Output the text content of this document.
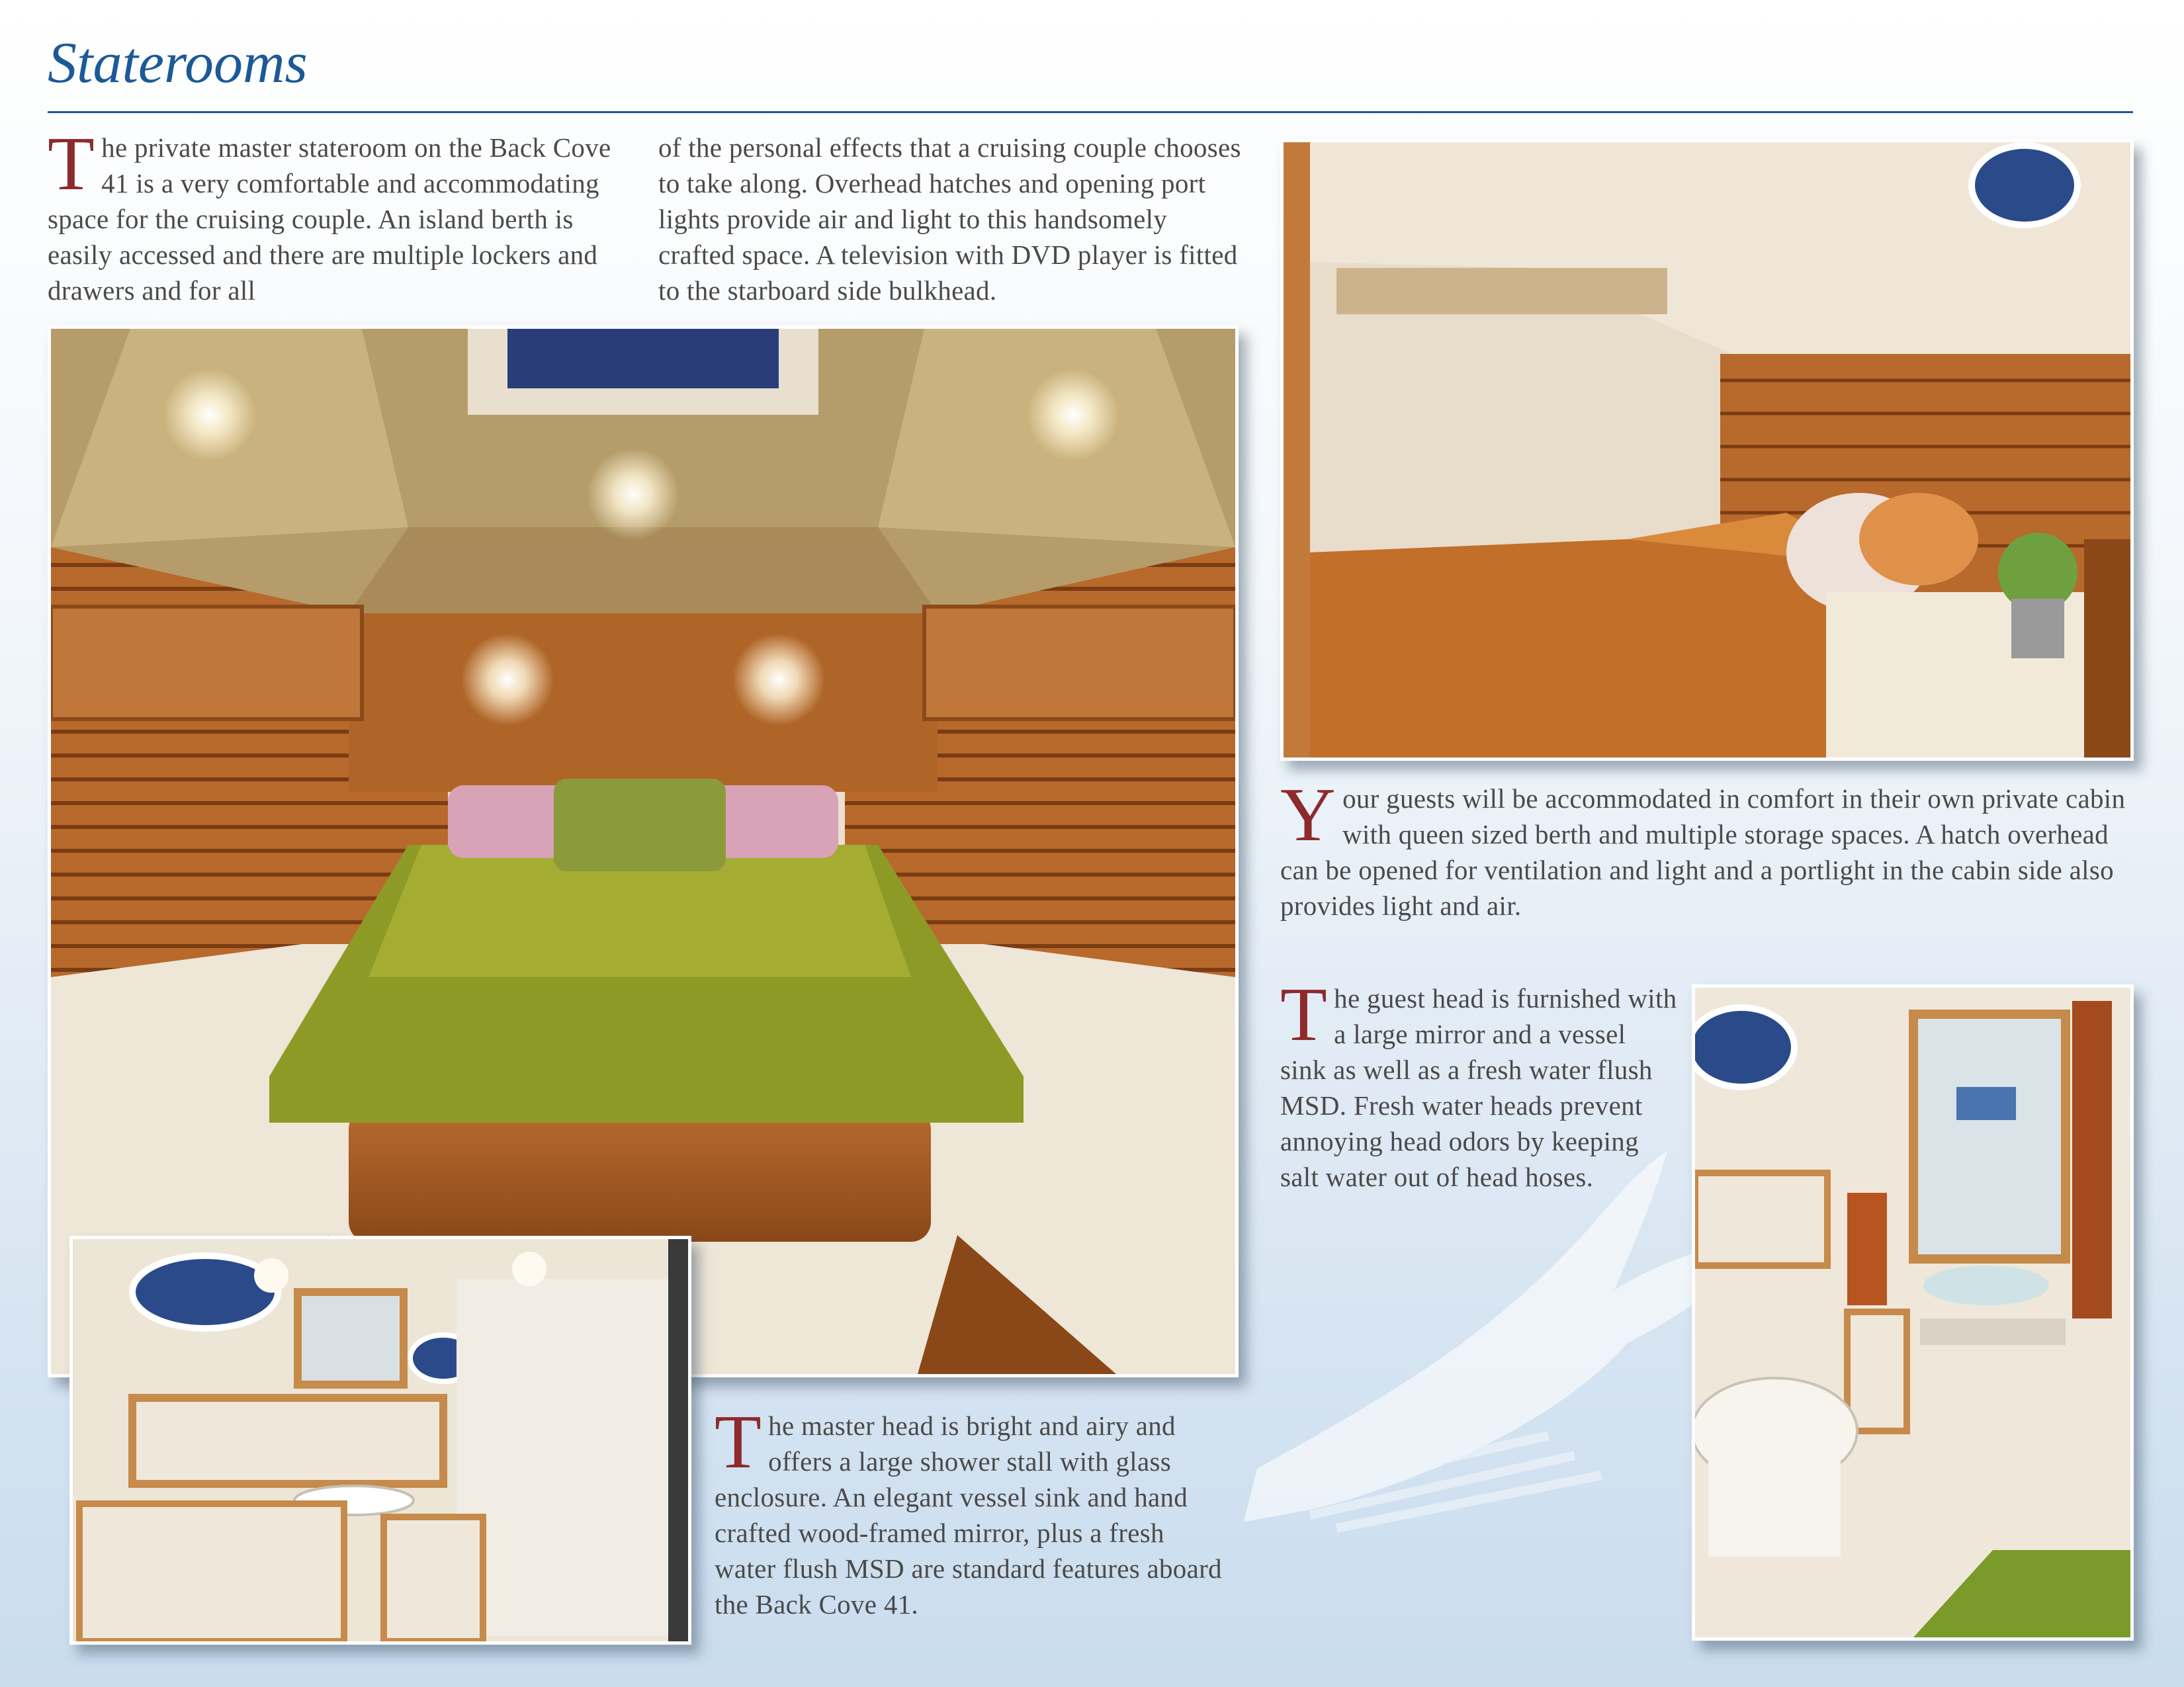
Staterooms

The private master stateroom on the Back Cove 41 is a very comfortable and accommodating space for the cruising couple. An island berth is easily accessed and there are multiple lockers and drawers and for all

of the personal effects that a cruising couple chooses to take along. Overhead hatches and opening port lights provide air and light to this handsomely crafted space. A television with DVD player is fitted to the starboard side bulkhead.

Your guests will be accommodated in comfort in their own private cabin with queen sized berth and multiple storage spaces. A hatch overhead can be opened for ventilation and light and a portlight in the cabin side also provides light and air.

The guest head is furnished with a large mirror and a vessel sink as well as a fresh water flush MSD. Fresh water heads prevent annoying head odors by keeping salt water out of head hoses.

The master head is bright and airy and offers a large shower stall with glass enclosure. An elegant vessel sink and hand crafted wood-framed mirror, plus a fresh water flush MSD are standard features aboard the Back Cove 41.
